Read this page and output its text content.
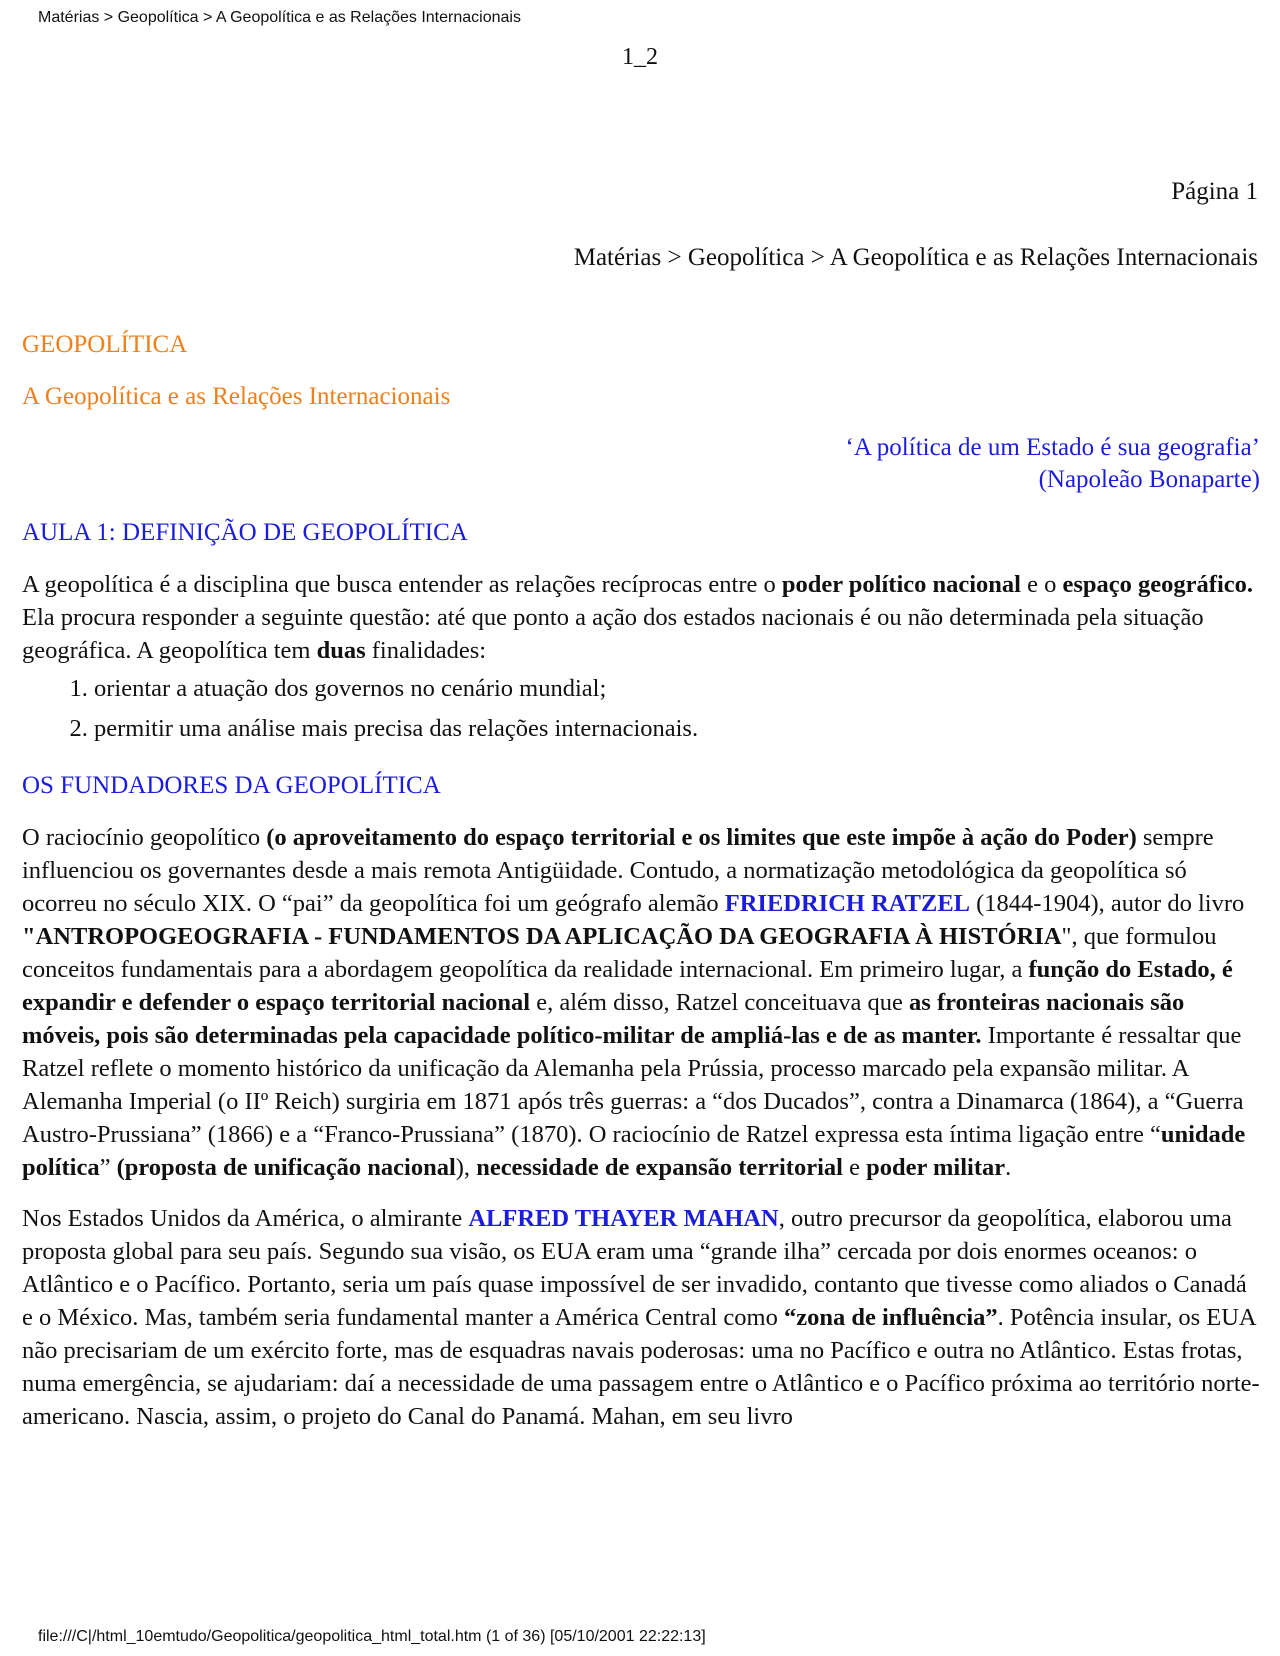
Matérias > Geopolítica > A Geopolítica e as Relações Internacionais
1_2
Página 1
Matérias > Geopolítica > A Geopolítica e as Relações Internacionais
GEOPOLÍTICA
A Geopolítica e as Relações Internacionais
‘A política de um Estado é sua geografia’
(Napoleão Bonaparte)
AULA 1: DEFINIÇÃO DE GEOPOLÍTICA

A geopolítica é a disciplina que busca entender as relações recíprocas entre o poder político nacional e o espaço geográfico. Ela procura responder a seguinte questão: até que ponto a ação dos estados nacionais é ou não determinada pela situação geográfica. A geopolítica tem duas finalidades:

1. orientar a atuação dos governos no cenário mundial;
2. permitir uma análise mais precisa das relações internacionais.
OS FUNDADORES DA GEOPOLÍTICA

O raciocínio geopolítico (o aproveitamento do espaço territorial e os limites que este impõe à ação do Poder) sempre influenciou os governantes desde a mais remota Antigüidade. Contudo, a normatização metodológica da geopolítica só ocorreu no século XIX. O “pai” da geopolítica foi um geógrafo alemão FRIEDRICH RATZEL (1844-1904), autor do livro "ANTROPOGEOGRAFIA - FUNDAMENTOS DA APLICAÇÃO DA GEOGRAFIA À HISTÓRIA", que formulou conceitos fundamentais para a abordagem geopolítica da realidade internacional. Em primeiro lugar, a função do Estado, é expandir e defender o espaço territorial nacional e, além disso, Ratzel conceituava que as fronteiras nacionais são móveis, pois são determinadas pela capacidade político-militar de ampliá-las e de as manter. Importante é ressaltar que Ratzel reflete o momento histórico da unificação da Alemanha pela Prússia, processo marcado pela expansão militar. A Alemanha Imperial (o IIº Reich) surgiria em 1871 após três guerras: a “dos Ducados”, contra a Dinamarca (1864), a “Guerra Austro-Prussiana” (1866) e a “Franco-Prussiana” (1870). O raciocínio de Ratzel expressa esta íntima ligação entre “unidade política” (proposta de unificação nacional), necessidade de expansão territorial e poder militar.

Nos Estados Unidos da América, o almirante ALFRED THAYER MAHAN, outro precursor da geopolítica, elaborou uma proposta global para seu país. Segundo sua visão, os EUA eram uma “grande ilha” cercada por dois enormes oceanos: o Atlântico e o Pacífico. Portanto, seria um país quase impossível de ser invadido, contanto que tivesse como aliados o Canadá e o México. Mas, também seria fundamental manter a América Central como “zona de influência”. Potência insular, os EUA não precisariam de um exército forte, mas de esquadras navais poderosas: uma no Pacífico e outra no Atlântico. Estas frotas, numa emergência, se ajudariam: daí a necessidade de uma passagem entre o Atlântico e o Pacífico próxima ao território norte-americano. Nascia, assim, o projeto do Canal do Panamá. Mahan, em seu livro

file:///C|/html_10emtudo/Geopolitica/geopolitica_html_total.htm (1 of 36) [05/10/2001 22:22:13]
